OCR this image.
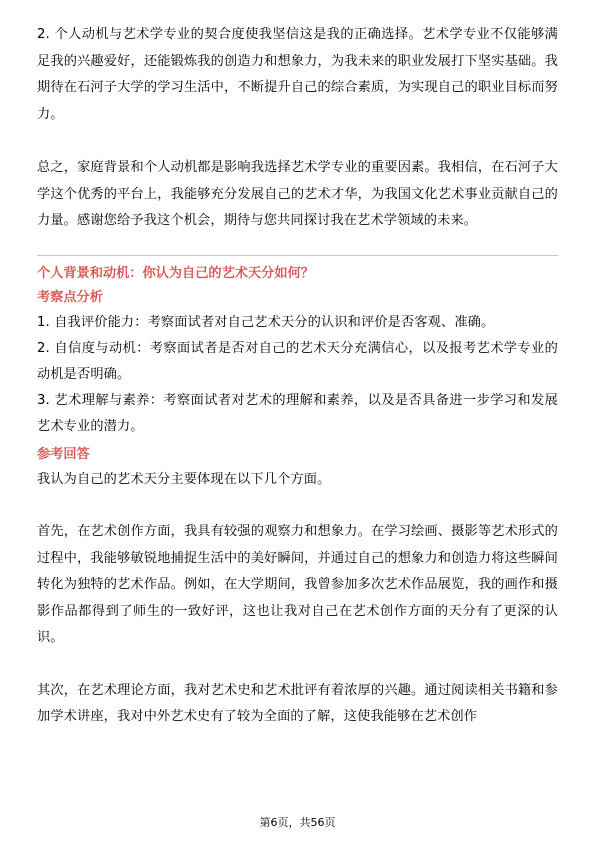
2. 个人动机与艺术学专业的契合度使我坚信这是我的正确选择。艺术学专业不仅能够满足我的兴趣爱好，还能锻炼我的创造力和想象力，为我未来的职业发展打下坚实基础。我期待在石河子大学的学习生活中，不断提升自己的综合素质，为实现自己的职业目标而努力。

总之，家庭背景和个人动机都是影响我选择艺术学专业的重要因素。我相信，在石河子大学这个优秀的平台上，我能够充分发展自己的艺术才华，为我国文化艺术事业贡献自己的力量。感谢您给予我这个机会，期待与您共同探讨我在艺术学领域的未来。

个人背景和动机：你认为自己的艺术天分如何？
考察点分析

1. 自我评价能力：考察面试者对自己艺术天分的认识和评价是否客观、准确。

2. 自信度与动机：考察面试者是否对自己的艺术天分充满信心，以及报考艺术学专业的动机是否明确。

3. 艺术理解与素养：考察面试者对艺术的理解和素养，以及是否具备进一步学习和发展艺术专业的潜力。

参考回答

我认为自己的艺术天分主要体现在以下几个方面。

首先，在艺术创作方面，我具有较强的观察力和想象力。在学习绘画、摄影等艺术形式的过程中，我能够敏锐地捕捉生活中的美好瞬间，并通过自己的想象力和创造力将这些瞬间转化为独特的艺术作品。例如，在大学期间，我曾参加多次艺术作品展览，我的画作和摄影作品都得到了师生的一致好评，这也让我对自己在艺术创作方面的天分有了更深的认识。

其次，在艺术理论方面，我对艺术史和艺术批评有着浓厚的兴趣。通过阅读相关书籍和参加学术讲座，我对中外艺术史有了较为全面的了解，这使我能够在艺术创作

第6页，共56页
